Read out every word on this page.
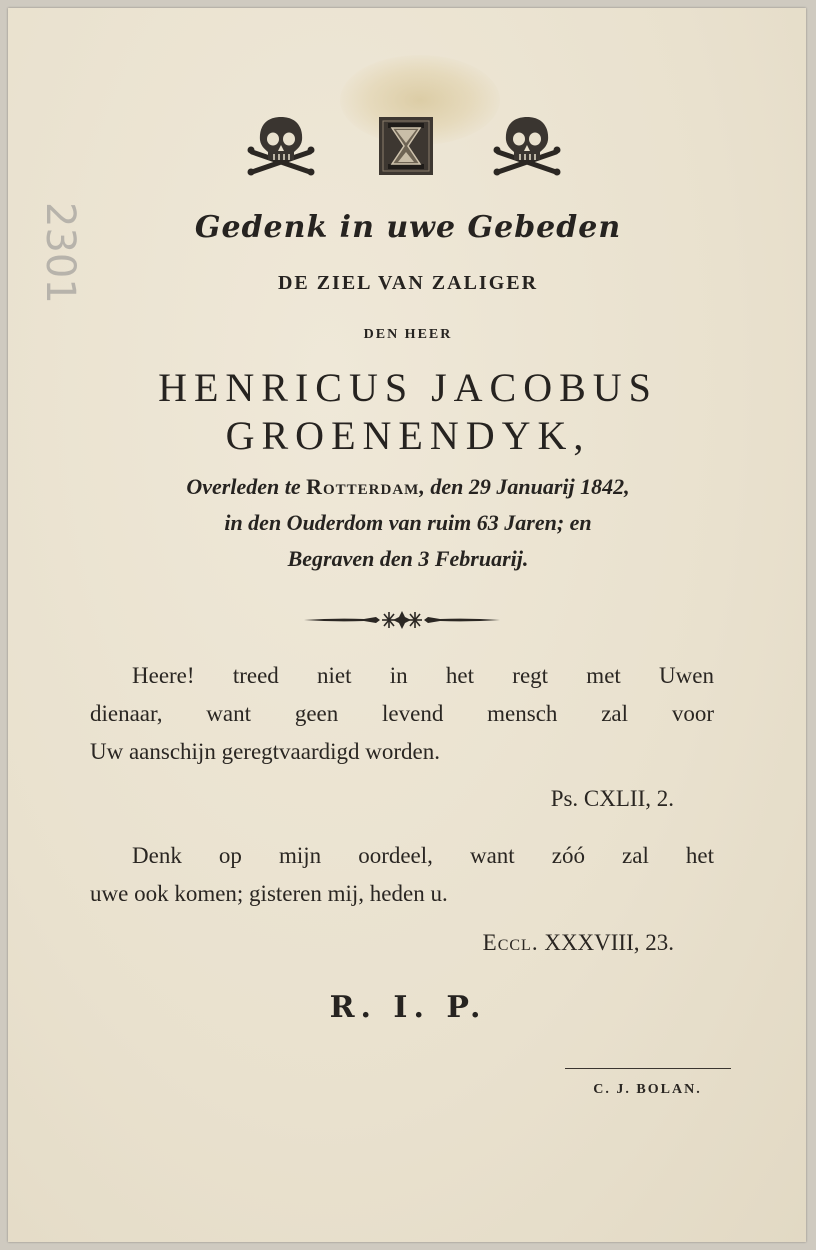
2301	Gedenk in uwe Gebeden
DE ZIEL VAN ZALIGER
DEN HEER
HENRICUS JACOBUS
GROENENDYK,
Overleden te Rotterdam, den 29 Januarij 1842,
in den Ouderdom van ruim 63 Jaren; en
Begraven den 3 Februarij.
Heere! treed niet in het regt met Uwen
dienaar, want geen levend mensch zal voor
Uw aanschijn geregtvaardigd worden.
Ps. CXLII, 2.
Denk op mijn oordeel, want zóó zal het
uwe ook komen; gisteren mij, heden u.
Eccl. XXXVIII, 23.
R. I. P.
C. J. BOLAN.
